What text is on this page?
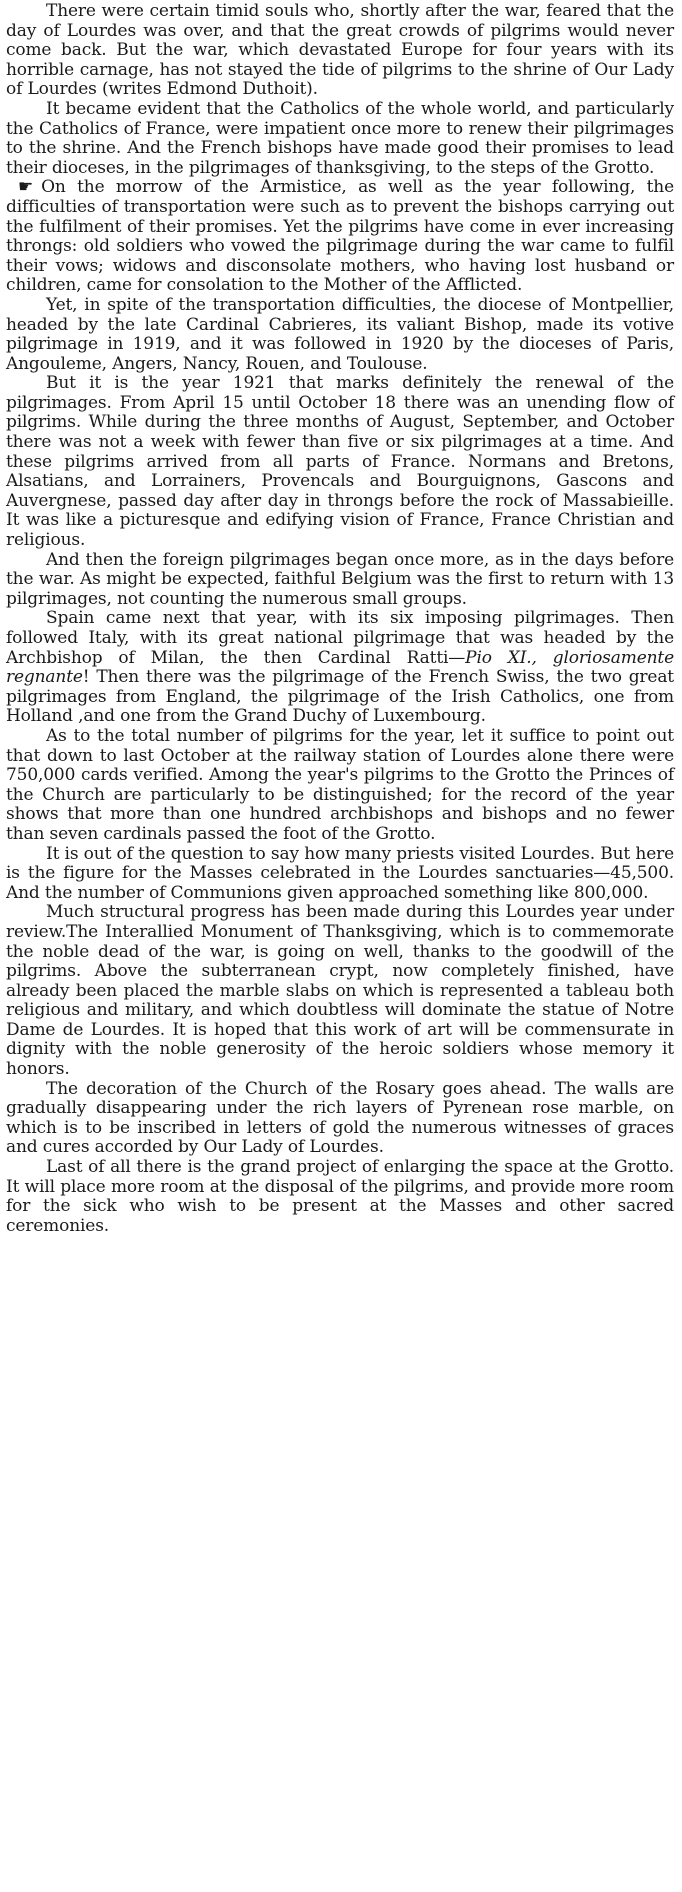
There were certain timid souls who, shortly after the war, feared that the day of Lourdes was over, and that the great crowds of pilgrims would never come back. But the war, which devastated Europe for four years with its horrible carnage, has not stayed the tide of pilgrims to the shrine of Our Lady of Lourdes (writes Edmond Duthoit).

It became evident that the Catholics of the whole world, and particularly the Catholics of France, were impatient once more to renew their pilgrimages to the shrine. And the French bishops have made good their promises to lead their dioceses, in the pilgrimages of thanksgiving, to the steps of the Grotto.

☛ On the morrow of the Armistice, as well as the year following, the difficulties of transportation were such as to prevent the bishops carrying out the fulfilment of their promises. Yet the pilgrims have come in ever increasing throngs: old soldiers who vowed the pilgrimage during the war came to fulfil their vows; widows and disconsolate mothers, who having lost husband or children, came for consolation to the Mother of the Afflicted.

Yet, in spite of the transportation difficulties, the diocese of Montpellier, headed by the late Cardinal Cabrieres, its valiant Bishop, made its votive pilgrimage in 1919, and it was followed in 1920 by the dioceses of Paris, Angouleme, Angers, Nancy, Rouen, and Toulouse.

But it is the year 1921 that marks definitely the renewal of the pilgrimages. From April 15 until October 18 there was an unending flow of pilgrims. While during the three months of August, September, and October there was not a week with fewer than five or six pilgrimages at a time. And these pilgrims arrived from all parts of France. Normans and Bretons, Alsatians, and Lorrainers, Provencals and Bourguignons, Gascons and Auvergnese, passed day after day in throngs before the rock of Massabieille. It was like a picturesque and edifying vision of France, France Christian and religious.

And then the foreign pilgrimages began once more, as in the days before the war. As might be expected, faithful Belgium was the first to return with 13 pilgrimages, not counting the numerous small groups.

Spain came next that year, with its six imposing pilgrimages. Then followed Italy, with its great national pilgrimage that was headed by the Archbishop of Milan, the then Cardinal Ratti—Pio XI., gloriosamente regnante! Then there was the pilgrimage of the French Swiss, the two great pilgrimages from England, the pilgrimage of the Irish Catholics, one from Holland ,and one from the Grand Duchy of Luxembourg.

As to the total number of pilgrims for the year, let it suffice to point out that down to last October at the railway station of Lourdes alone there were 750,000 cards verified. Among the year's pilgrims to the Grotto the Princes of the Church are particularly to be distinguished; for the record of the year shows that more than one hundred archbishops and bishops and no fewer than seven cardinals passed the foot of the Grotto.

It is out of the question to say how many priests visited Lourdes. But here is the figure for the Masses celebrated in the Lourdes sanctuaries—45,500. And the number of Communions given approached something like 800,000.

Much structural progress has been made during this Lourdes year under review.The Interallied Monument of Thanksgiving, which is to commemorate the noble dead of the war, is going on well, thanks to the goodwill of the pilgrims. Above the subterranean crypt, now completely finished, have already been placed the marble slabs on which is represented a tableau both religious and military, and which doubtless will dominate the statue of Notre Dame de Lourdes. It is hoped that this work of art will be commensurate in dignity with the noble generosity of the heroic soldiers whose memory it honors.

The decoration of the Church of the Rosary goes ahead. The walls are gradually disappearing under the rich layers of Pyrenean rose marble, on which is to be inscribed in letters of gold the numerous witnesses of graces and cures accorded by Our Lady of Lourdes.

Last of all there is the grand project of enlarging the space at the Grotto. It will place more room at the disposal of the pilgrims, and provide more room for the sick who wish to be present at the Masses and other sacred ceremonies.
